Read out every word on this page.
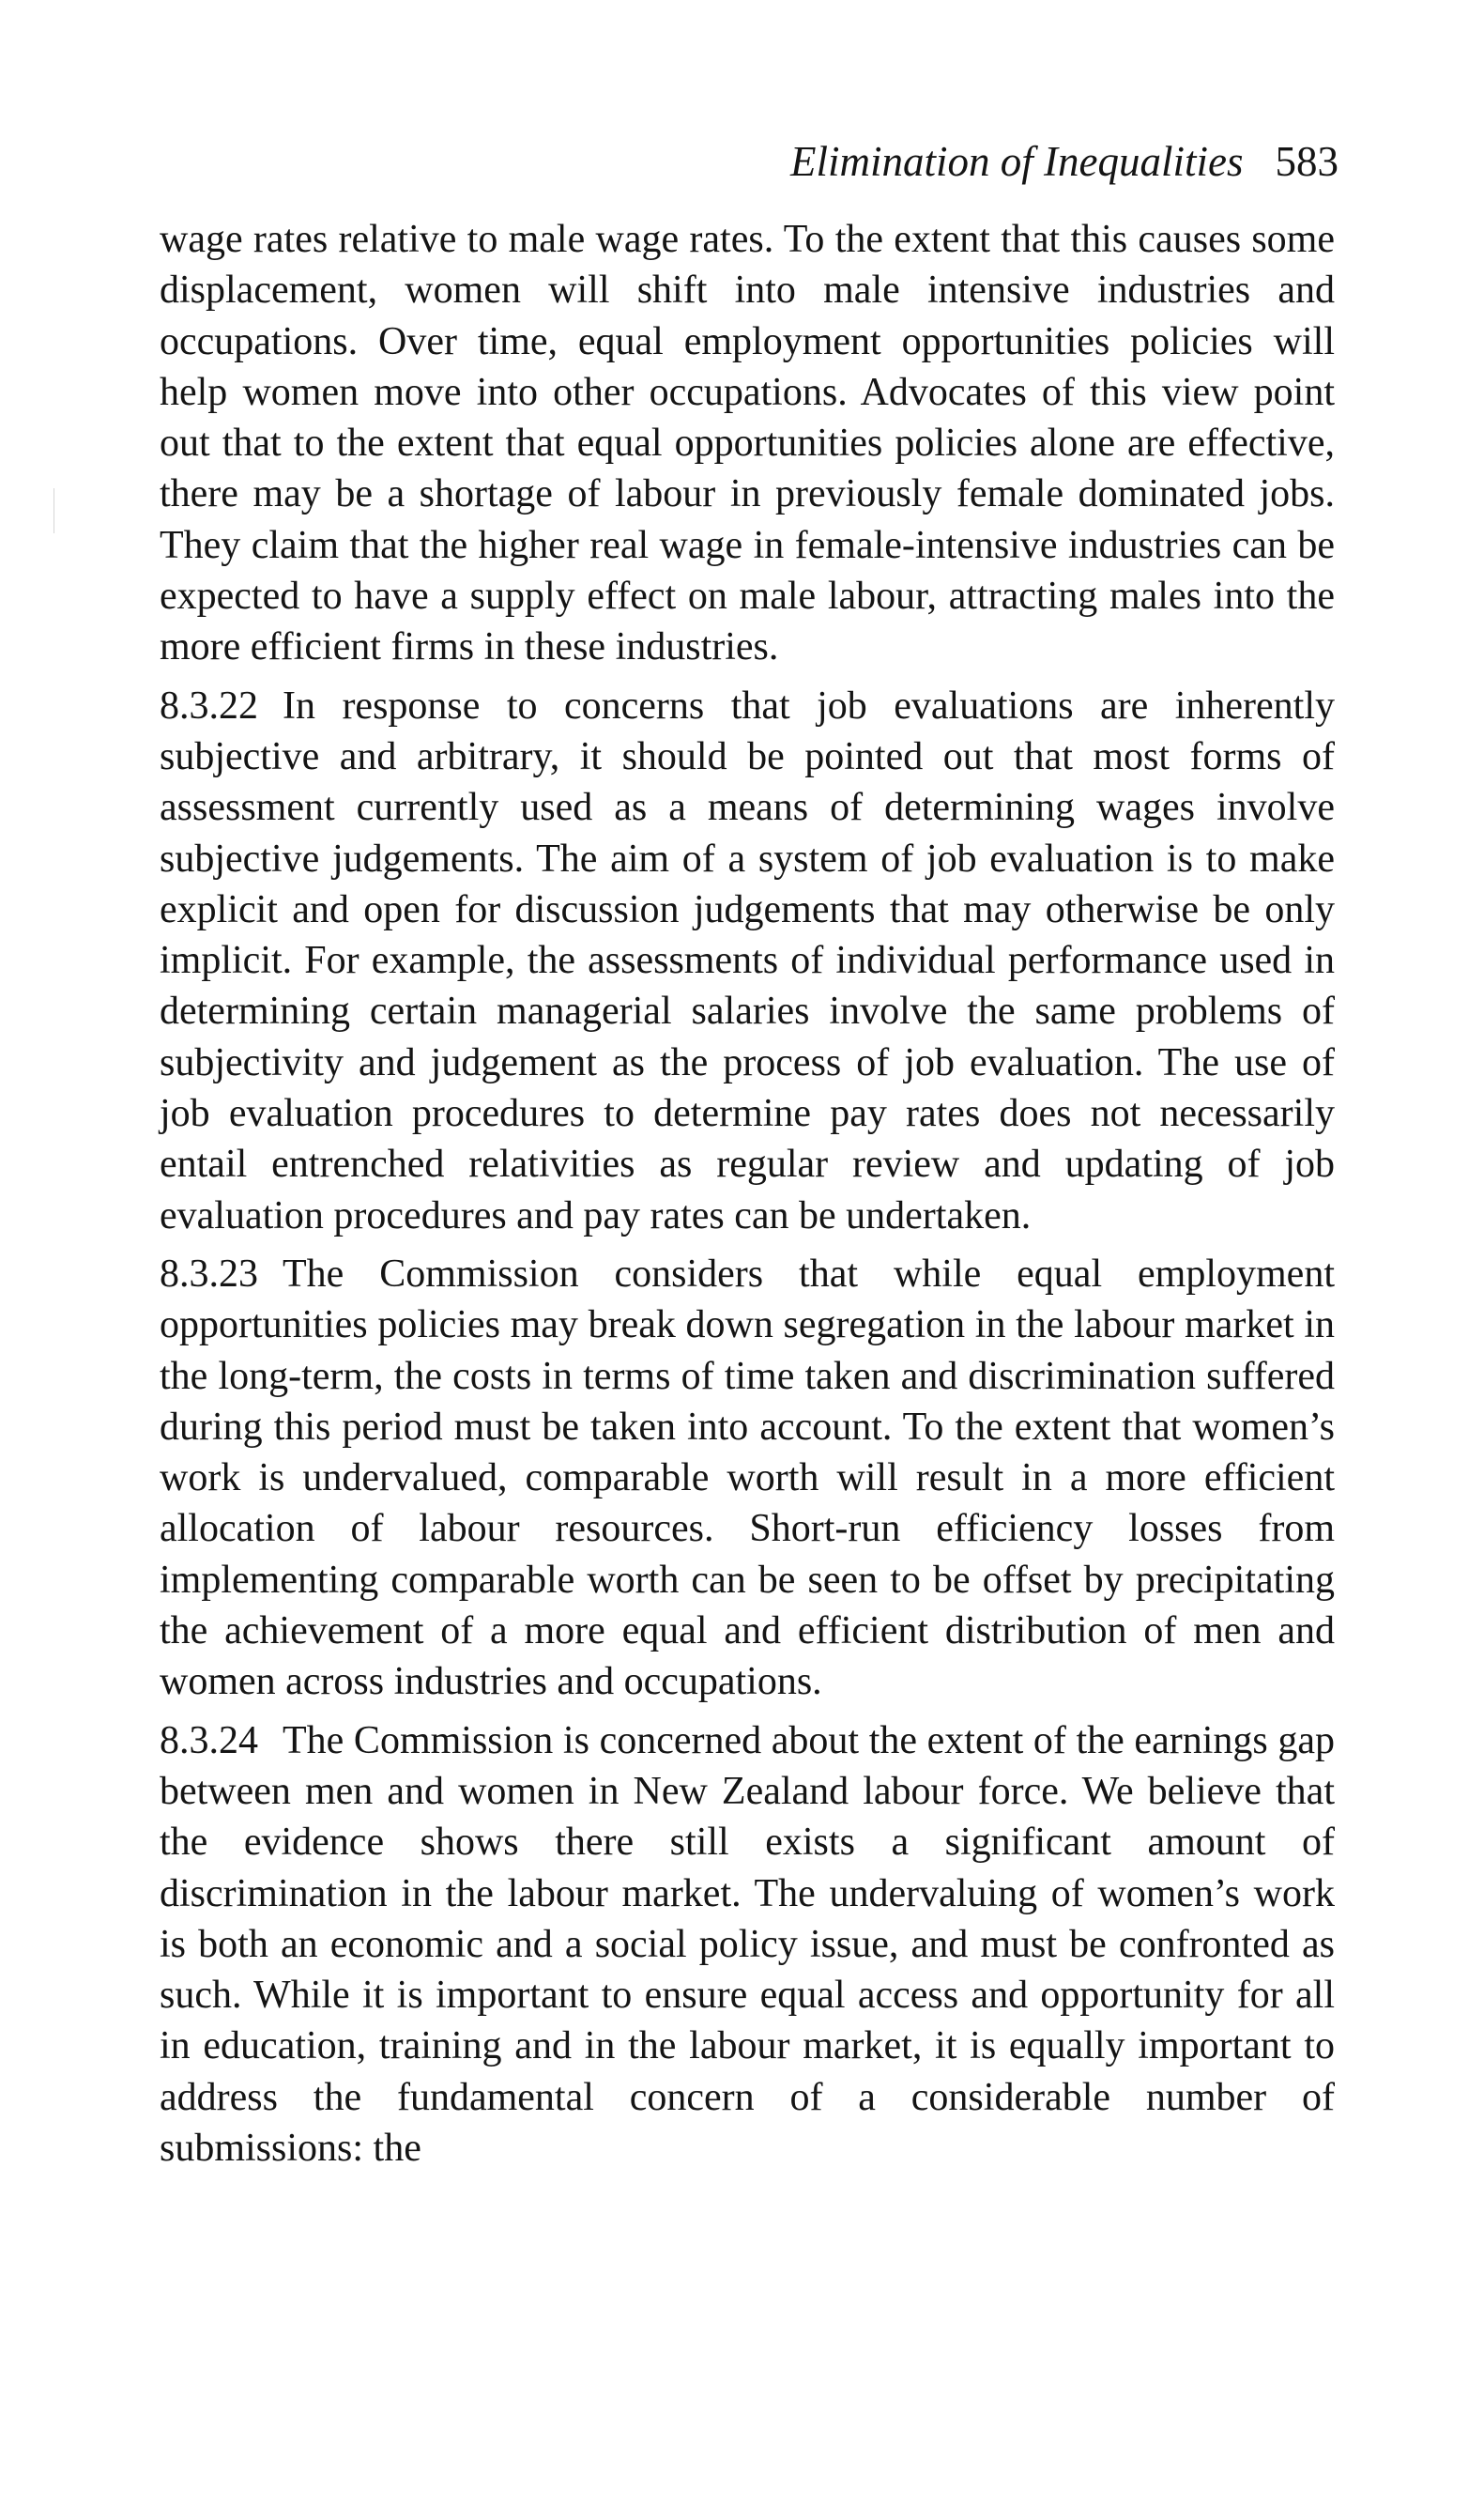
Elimination of Inequalities 583

wage rates relative to male wage rates. To the extent that this causes some displacement, women will shift into male intensive industries and occupations. Over time, equal employment opportunities policies will help women move into other occupations. Advocates of this view point out that to the extent that equal opportunities policies alone are effective, there may be a shortage of labour in previously female dominated jobs. They claim that the higher real wage in female-intensive industries can be expected to have a supply effect on male labour, attracting males into the more efficient firms in these industries.

8.3.22 In response to concerns that job evaluations are inherently subjective and arbitrary, it should be pointed out that most forms of assessment currently used as a means of determining wages involve subjective judgements. The aim of a system of job evaluation is to make explicit and open for discussion judgements that may otherwise be only implicit. For example, the assessments of individual performance used in determining certain managerial salaries involve the same problems of subjectivity and judgement as the process of job evaluation. The use of job evaluation procedures to determine pay rates does not necessarily entail entrenched relativities as regular review and updating of job evaluation procedures and pay rates can be undertaken.

8.3.23 The Commission considers that while equal employment opportunities policies may break down segregation in the labour market in the long-term, the costs in terms of time taken and discrimination suffered during this period must be taken into account. To the extent that women’s work is undervalued, comparable worth will result in a more efficient allocation of labour resources. Short-run efficiency losses from implementing comparable worth can be seen to be offset by precipitating the achievement of a more equal and efficient distribution of men and women across industries and occupations.

8.3.24 The Commission is concerned about the extent of the earnings gap between men and women in New Zealand labour force. We believe that the evidence shows there still exists a significant amount of discrimination in the labour market. The undervaluing of women’s work is both an economic and a social policy issue, and must be confronted as such. While it is important to ensure equal access and opportunity for all in education, training and in the labour market, it is equally important to address the fundamental concern of a considerable number of submissions: the
